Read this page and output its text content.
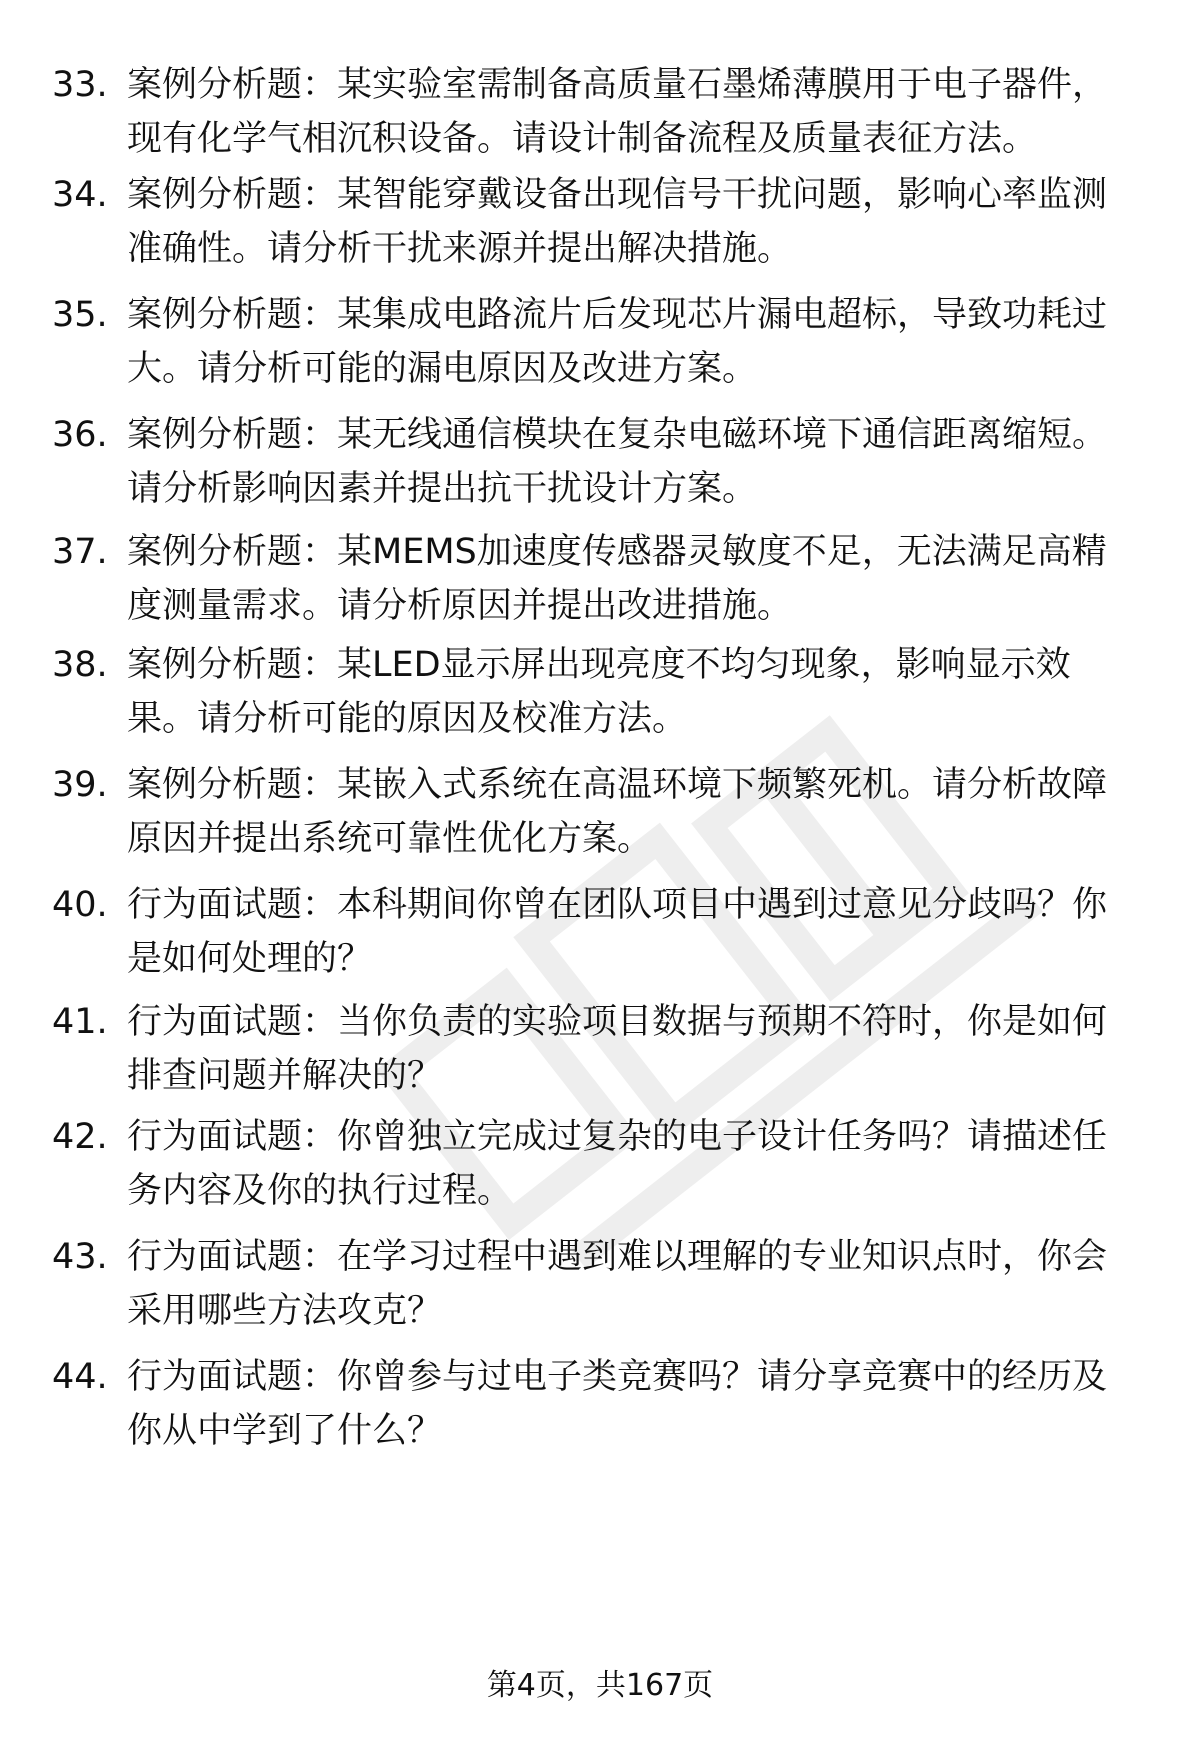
33. 案例分析题：某实验室需制备高质量石墨烯薄膜用于电子器件，
现有化学气相沉积设备。请设计制备流程及质量表征方法。
34. 案例分析题：某智能穿戴设备出现信号干扰问题，影响心率监测
准确性。请分析干扰来源并提出解决措施。
35. 案例分析题：某集成电路流片后发现芯片漏电超标，导致功耗过
大。请分析可能的漏电原因及改进方案。
36. 案例分析题：某无线通信模块在复杂电磁环境下通信距离缩短。
请分析影响因素并提出抗干扰设计方案。
37. 案例分析题：某MEMS加速度传感器灵敏度不足，无法满足高精
度测量需求。请分析原因并提出改进措施。
38. 案例分析题：某LED显示屏出现亮度不均匀现象，影响显示效
果。请分析可能的原因及校准方法。
39. 案例分析题：某嵌入式系统在高温环境下频繁死机。请分析故障
原因并提出系统可靠性优化方案。
40. 行为面试题：本科期间你曾在团队项目中遇到过意见分歧吗？你
是如何处理的？
41. 行为面试题：当你负责的实验项目数据与预期不符时，你是如何
排查问题并解决的？
42. 行为面试题：你曾独立完成过复杂的电子设计任务吗？请描述任
务内容及你的执行过程。
43. 行为面试题：在学习过程中遇到难以理解的专业知识点时，你会
采用哪些方法攻克？
44. 行为面试题：你曾参与过电子类竞赛吗？请分享竞赛中的经历及
你从中学到了什么？
第4页，共167页
